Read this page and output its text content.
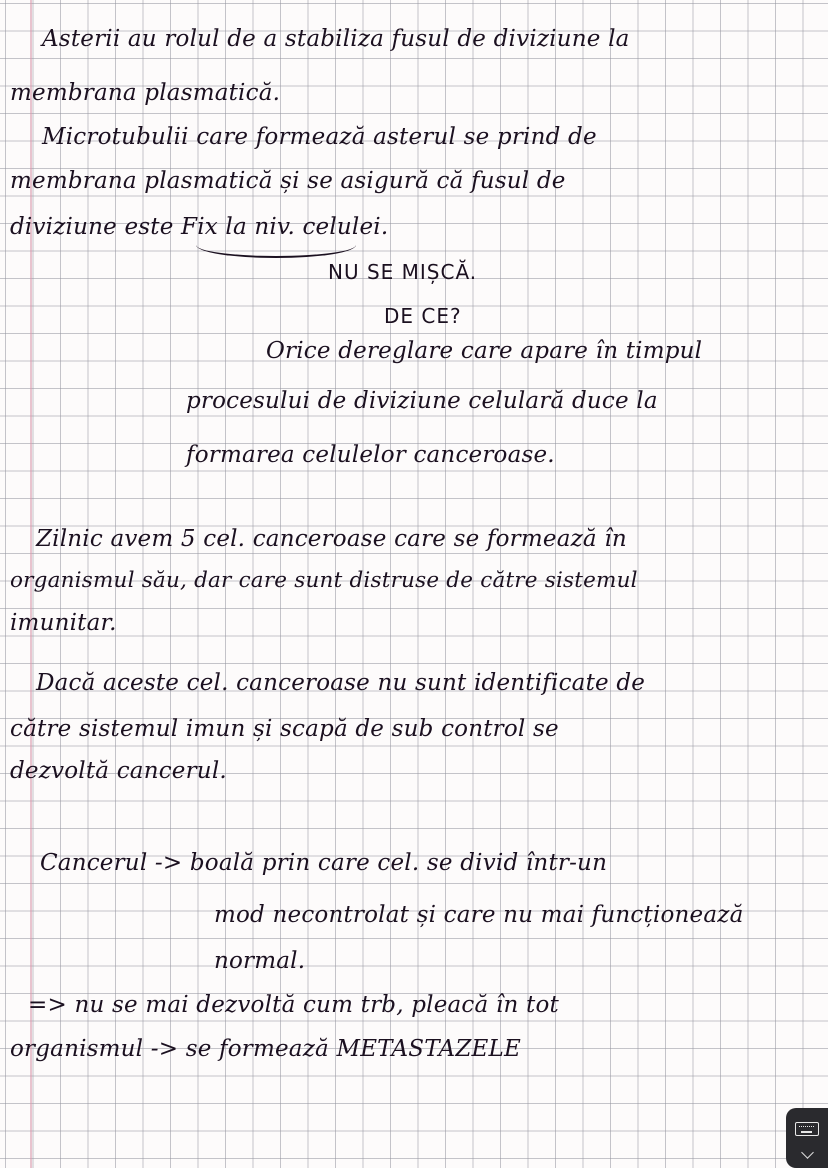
Asterii au rolul de a stabiliza fusul de diviziune la
membrana plasmatică.
Microtubulii care formează asterul se prind de
membrana plasmatică și se asigură că fusul de
diviziune este Fix la niv. celulei.
NU SE MIȘCĂ.
DE CE?
Orice dereglare care apare în timpul
procesului de diviziune celulară duce la
formarea celulelor canceroase.
Zilnic avem 5 cel. canceroase care se formează în
organismul său, dar care sunt distruse de către sistemul
imunitar.
Dacă aceste cel. canceroase nu sunt identificate de
către sistemul imun și scapă de sub control se
dezvoltă cancerul.
Cancerul -> boală prin care cel. se divid într-un
mod necontrolat și care nu mai funcționează
normal.
=> nu se mai dezvoltă cum trb, pleacă în tot
organismul -> se formează METASTAZELE
